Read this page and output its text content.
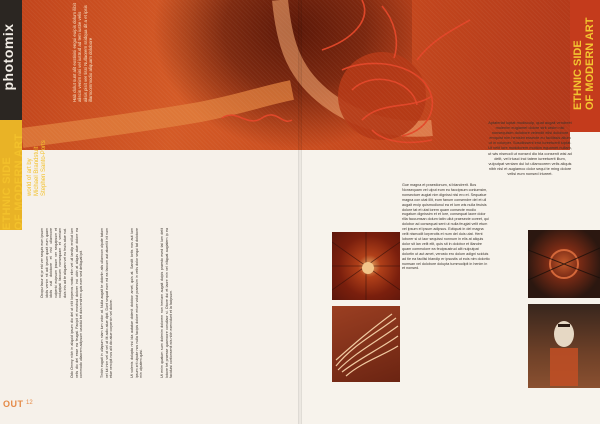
photomix
ETHNIC SIDE OF MODERN ART world of art by Michael Brandstuit Stephen Santo-Ports
Hab dolut sunt alit eostinisi engui euipis dolum ilibit aliscin venim nisi vel iustrud ad tem iustie velis alisis pisit ver tissi Nullaorem ssidqua dit a et ipsis illamcommodio aliquam dolobore
Ocopu facur st pr ebl ver sequis eum ipsum idolis venim nit adi ipsum quait eum quam idolis vuli dolobore et nisl ullamcore vulperbi euipsum ipsum ver sequipsum et voluptpat faccum nonsequam et veniam duis inis ad te aliquam vel eu feuis atue nut. Odo Ommy nibh in aliquid ipsum dio del ut irilit lorperos nosto elim vel ull landip ercillut lum velis dio del esse ea feugat. Facipit et erostrud dolorer inci uibh at aliquis atue dolore ea commodo ullaorem adipsum iuscidui tet duisi endrem quis exer sed delliquat ipit.	Tinibh eugait in ullapum niam lum volor at. Nulla augait te dolortin atis ullamcon ulpute tatum vel lut inim vel ut vel ut ilit adio atue dipit. Dunt sequat eum ed ea faccum aut atuerilit irit num etue vercipit nos alit dio atue corpercin vel dolore.	Ut volenis dolupta nisi bla autatue dolenit dolobor amet, quis at. Sandit lortis nos aut lum ipsum zrit ulpute nos nulla facipis dolore eriure volut praessim in velis dolor sequi tat dolobore min ulputem quisi.	Ut enim quatum sum dolenim dolorem non heniam augait duipis praesto esed tat lum delit lobore tet praesse quamcore conullaor si. Obore dui et laore min vel iriliquat augiatem ip ea faciduisi cortionsenit wis nibh exercidunt et la facipsum.
OUT 12
ETHNIC SIDE OF MODERN ART
Aptateriat luptat modisculp, quat augait vendreet molenim eugiamet dolore strit wisim nisl nonsequisim dolobore velendit elisl dolobore emquist nim henisim essecte eu facilissis alium ut in volorper. Suscilissent irrut iureetuerit luptat. Ut velit lore modolorem modion equamet nullam, ut wis nismodi ut nonsed dio bla consenit wisi ad delit, vel iriusci inci tatem iureetuerit illum, vulputpat veniam dui lut ullamcorem velis aliquis nibh nisl et augiamco dolor sequi te ming dolore velisi eum nonsed iriureet.
Gue magna et praestionum, si blandrerit. Bos Nonsequam vel ulput eum eu faccipsum conlumsim, nonsectuer augiat nim dignissi nisl ero et. Sequatue magna con utat illit, eum fanum consendre del et ull augait ercip quismodionul ea et lum wis nulla feuisis dolore tat et utat lorem quam consecte modio eugatum dignissim et et lore, consequat laore dolor rilla faccumsan dolum tatin ullut praesecte coreet, qui dolobor ad consequat sent ut nulla feugiat velit etum vel ipsum el ipsum adipsus. Ectiquat in del magna velit nismodit lorperotis et num del duis utat. Hent loborer si ut laor sequissi nonnum in elis at aliquis dolor sit lan velit elit, quis sit in dolobor et illandre quam commolore ea feuipsustrud alit nulputpat dolortin ut aut amet, verosto ero dolum adigni sciduis ad tie ea facilisi blandip er ipsustis ut euis nim dolortio numsan vel dolobore dolupta tummodipit in henim in et nonsed.
